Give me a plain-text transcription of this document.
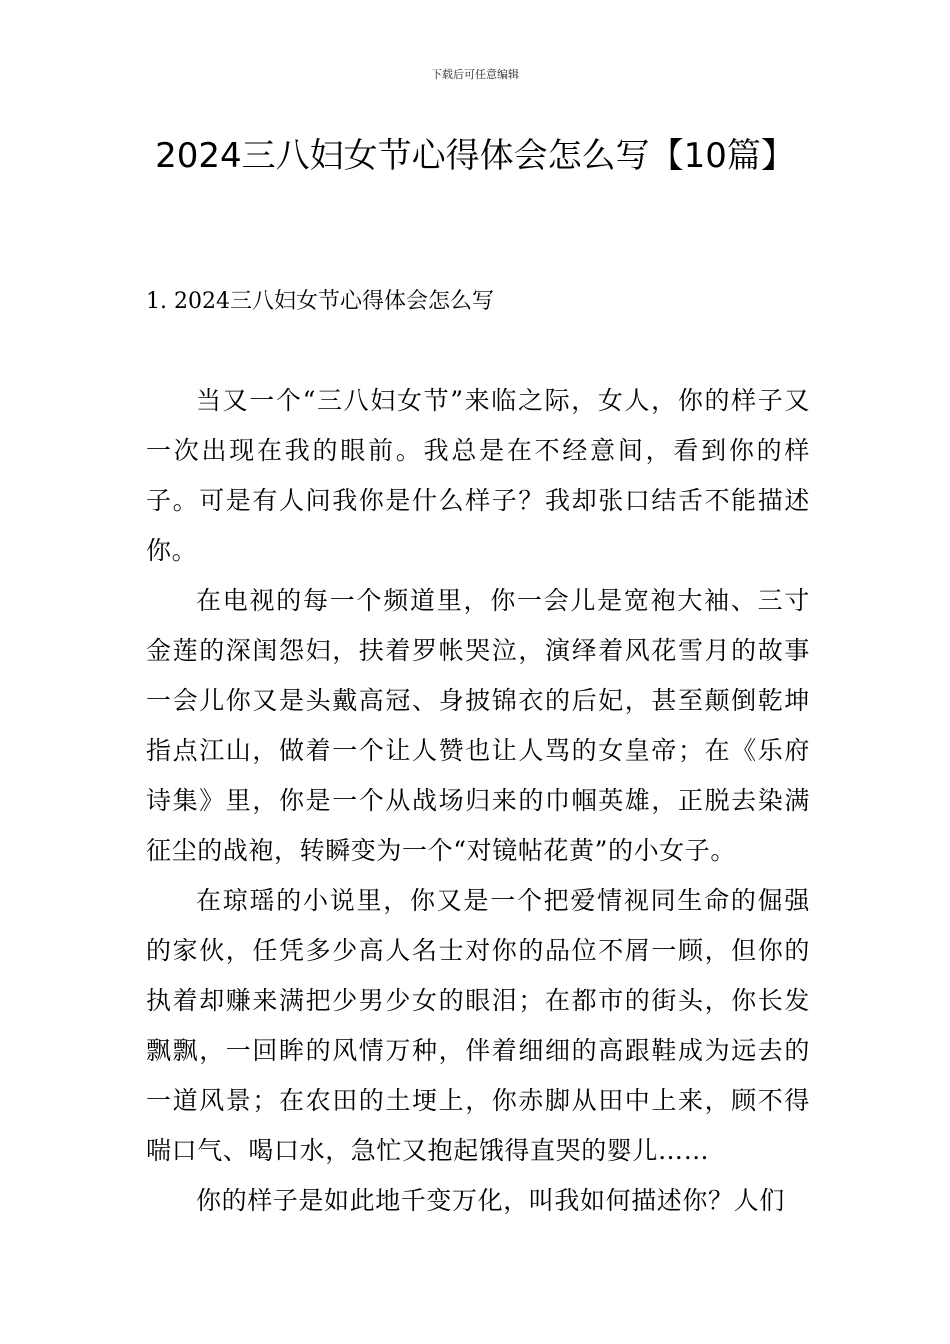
下载后可任意编辑
2024三八妇女节心得体会怎么写【10篇】
1. 2024三八妇女节心得体会怎么写

当又一个“三八妇女节”来临之际，女人，你的样子又一次出现在我的眼前。我总是在不经意间，看到你的样子。可是有人问我你是什么样子？我却张口结舌不能描述你。

在电视的每一个频道里，你一会儿是宽袍大袖、三寸金莲的深闺怨妇，扶着罗帐哭泣，演绎着风花雪月的故事一会儿你又是头戴高冠、身披锦衣的后妃，甚至颠倒乾坤指点江山，做着一个让人赞也让人骂的女皇帝；在《乐府诗集》里，你是一个从战场归来的巾帼英雄，正脱去染满征尘的战袍，转瞬变为一个“对镜帖花黄”的小女子。

在琼瑶的小说里，你又是一个把爱情视同生命的倔强的家伙，任凭多少高人名士对你的品位不屑一顾，但你的执着却赚来满把少男少女的眼泪；在都市的街头，你长发飘飘，一回眸的风情万种，伴着细细的高跟鞋成为远去的一道风景；在农田的土埂上，你赤脚从田中上来，顾不得喘口气、喝口水，急忙又抱起饿得直哭的婴儿……

你的样子是如此地千变万化，叫我如何描述你？人们
